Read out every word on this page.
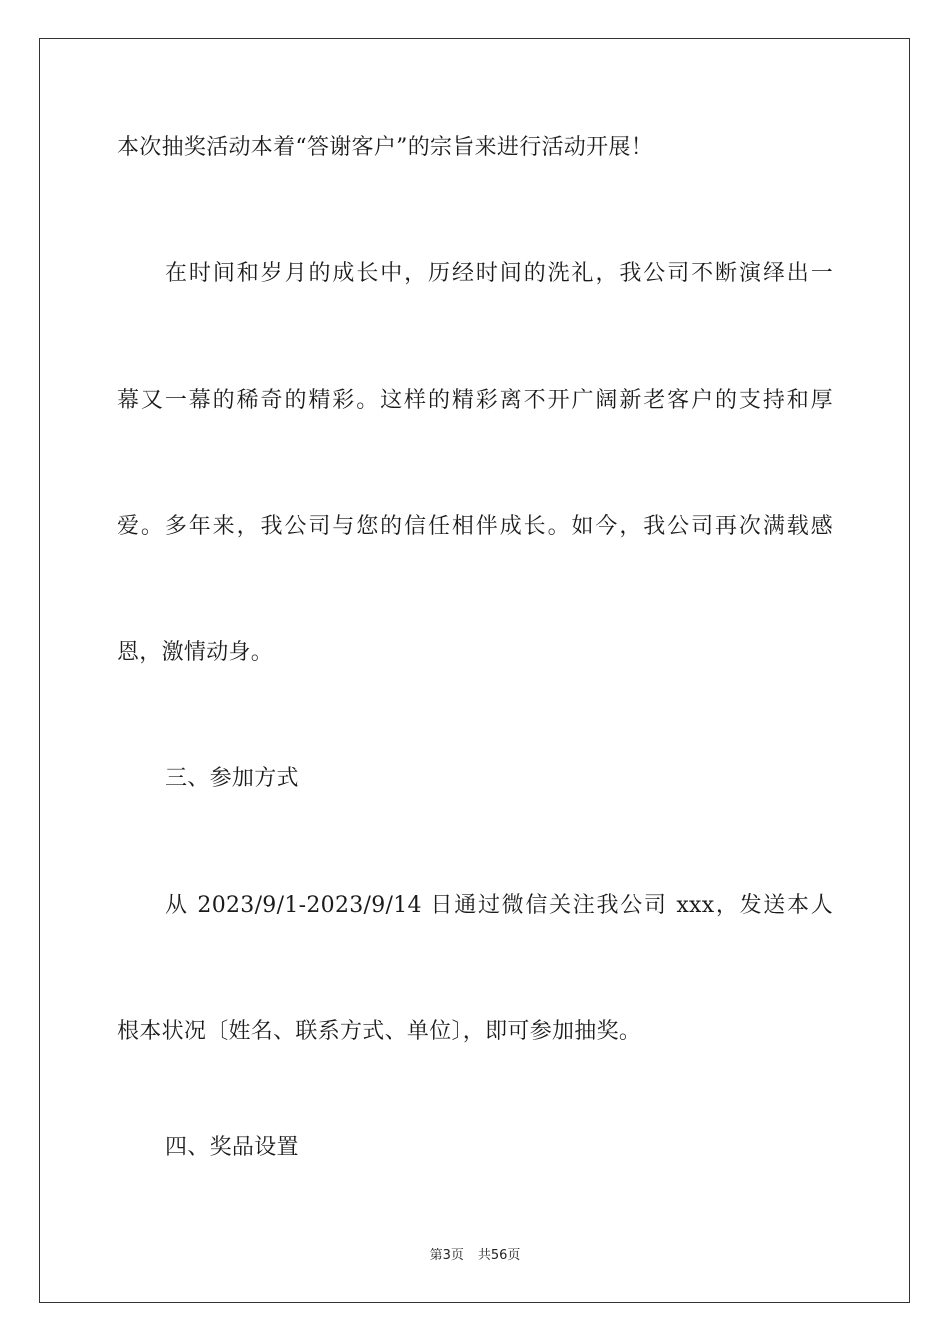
本次抽奖活动本着“答谢客户”的宗旨来进行活动开展！
在时间和岁月的成长中，历经时间的洗礼，我公司不断演绎出一
幕又一幕的稀奇的精彩。这样的精彩离不开广阔新老客户的支持和厚
爱。多年来，我公司与您的信任相伴成长。如今，我公司再次满载感
恩，激情动身。
三、参加方式
从 2023/9/1-2023/9/14 日通过微信关注我公司 xxx，发送本人
根本状况〔姓名、联系方式、单位〕，即可参加抽奖。
四、奖品设置
第3页 共56页
